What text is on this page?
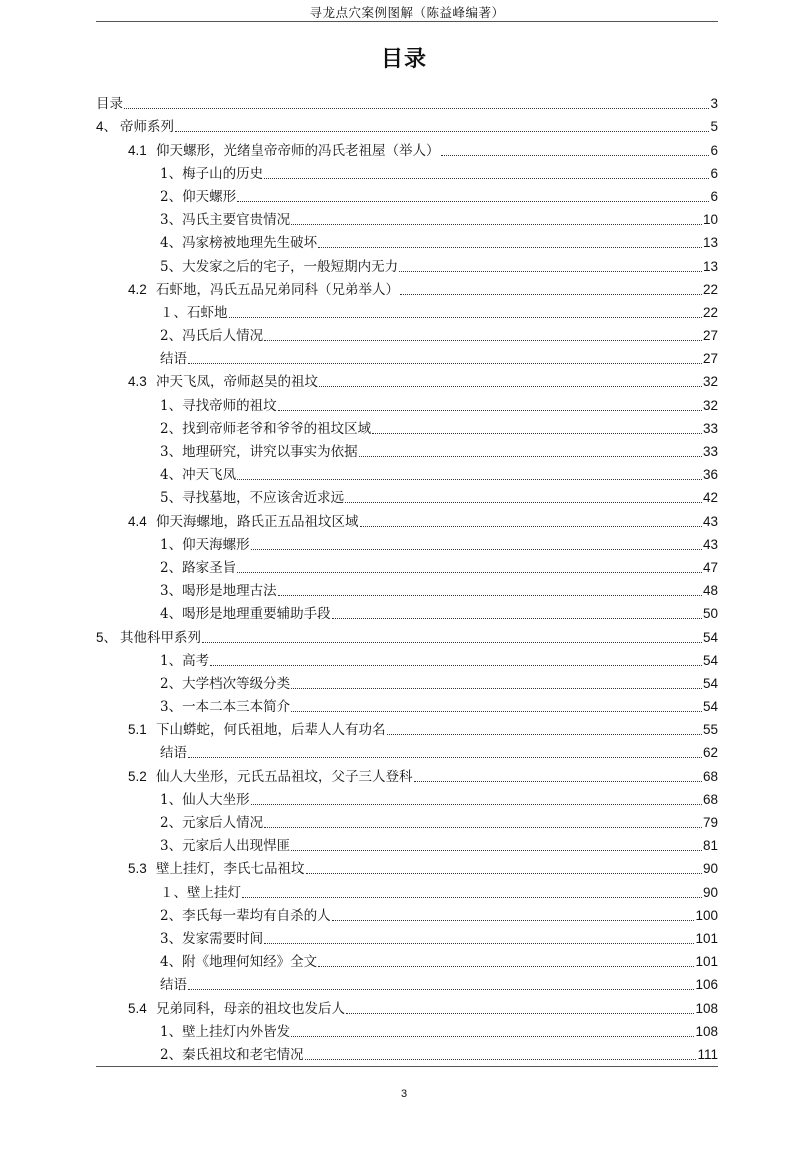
寻龙点穴案例图解（陈益峰编著）
目录
目录	3
4、 帝师系列	5
4.1 仰天螺形，光绪皇帝帝师的冯氏老祖屋（举人）	6
1、梅子山的历史	6
2、仰天螺形	6
3、冯氏主要官贵情况	10
4、冯家榜被地理先生破坏	13
5、大发家之后的宅子，一般短期内无力	13
4.2 石虾地，冯氏五品兄弟同科（兄弟举人）	22
１、石虾地	22
2、冯氏后人情况	27
结语	27
4.3 冲天飞凤，帝师赵昊的祖坟	32
1、寻找帝师的祖坟	32
2、找到帝师老爷和爷爷的祖坟区域	33
3、地理研究，讲究以事实为依据	33
4、冲天飞凤	36
5、寻找墓地，不应该舍近求远	42
4.4 仰天海螺地，路氏正五品祖坟区域	43
1、仰天海螺形	43
2、路家圣旨	47
3、喝形是地理古法	48
4、喝形是地理重要辅助手段	50
5、 其他科甲系列	54
1、高考	54
2、大学档次等级分类	54
3、一本二本三本简介	54
5.1 下山蟒蛇，何氏祖地，后辈人人有功名	55
结语	62
5.2 仙人大坐形，元氏五品祖坟，父子三人登科	68
1、仙人大坐形	68
2、元家后人情况	79
3、元家后人出现悍匪	81
5.3 壁上挂灯，李氏七品祖坟	90
１、壁上挂灯	90
2、李氏每一辈均有自杀的人	100
3、发家需要时间	101
4、附《地理何知经》全文	101
结语	106
5.4 兄弟同科，母亲的祖坟也发后人	108
1、壁上挂灯内外皆发	108
2、秦氏祖坟和老宅情况	111
3
